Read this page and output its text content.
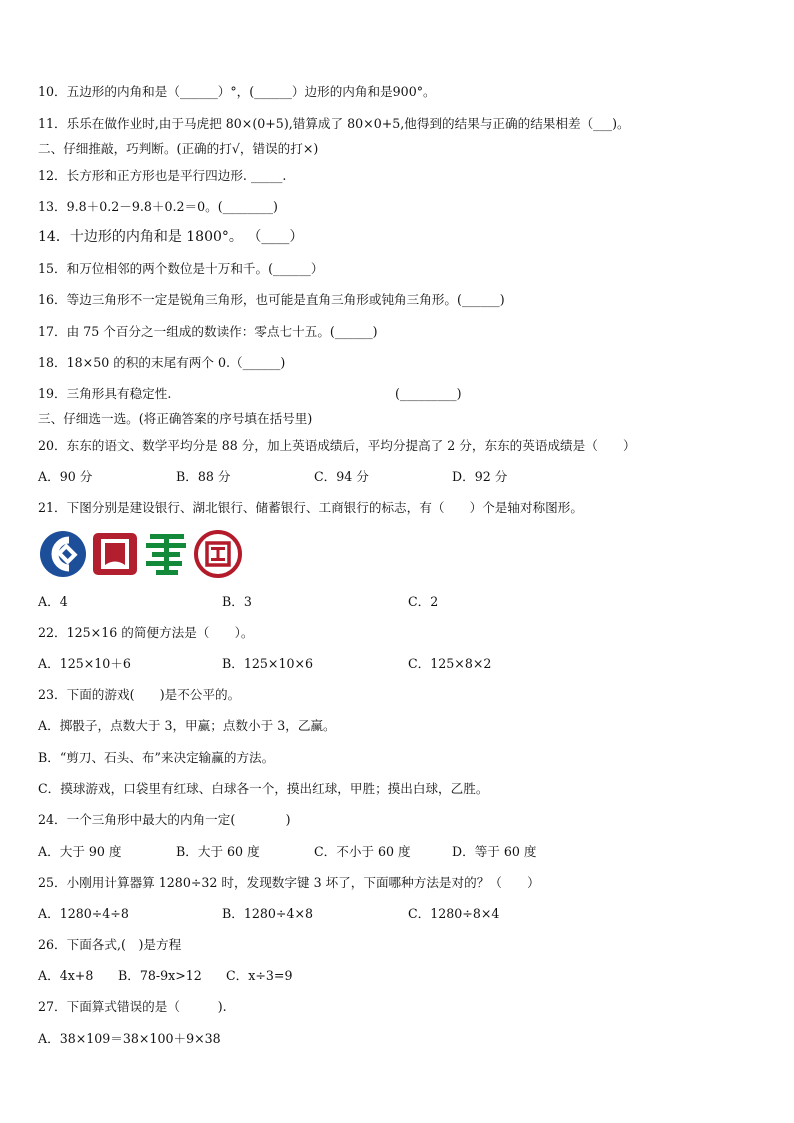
10．五边形的内角和是（______）°，(______）边形的内角和是900°。
11．乐乐在做作业时,由于马虎把 80×(0+5),错算成了 80×0+5,他得到的结果与正确的结果相差（___)。
二、仔细推敲，巧判断。(正确的打√，错误的打×)
12．长方形和正方形也是平行四边形. _____.
13．9.8＋0.2－9.8＋0.2＝0。(________)
14．十边形的内角和是 1800°。 （____）
15．和万位相邻的两个数位是十万和千。(______）
16．等边三角形不一定是锐角三角形，也可能是直角三角形或钝角三角形。(______)
17．由 75 个百分之一组成的数读作：零点七十五。(______)
18．18×50 的积的末尾有两个 0.（______)
19．三角形具有稳定性.	(_________)
三、仔细选一选。(将正确答案的序号填在括号里)
20．东东的语文、数学平均分是 88 分，加上英语成绩后，平均分提高了 2 分，东东的英语成绩是（　　）
A．90 分	B．88 分	C．94 分	D．92 分
21．下图分别是建设银行、湖北银行、储蓄银行、工商银行的标志，有（　　）个是轴对称图形。
A．4	B．3	C．2
22．125×16 的简便方法是（　　）。
A．125×10＋6	B．125×10×6	C．125×8×2
23．下面的游戏(　　)是不公平的。
A．掷骰子，点数大于 3，甲赢；点数小于 3，乙赢。
B．“剪刀、石头、布”来决定输赢的方法。
C．摸球游戏，口袋里有红球、白球各一个，摸出红球，甲胜；摸出白球，乙胜。
24．一个三角形中最大的内角一定(　　　　)
A．大于 90 度	B．大于 60 度	C．不小于 60 度	D．等于 60 度
25．小刚用计算器算 1280÷32 时，发现数字键 3 坏了，下面哪种方法是对的？（　　）
A．1280÷4÷8	B．1280÷4×8	C．1280÷8×4
26．下面各式,(　)是方程
A．4x+8 B．78-9x>12 C．x÷3=9
27．下面算式错误的是（　　　).
A．38×109＝38×100＋9×38
